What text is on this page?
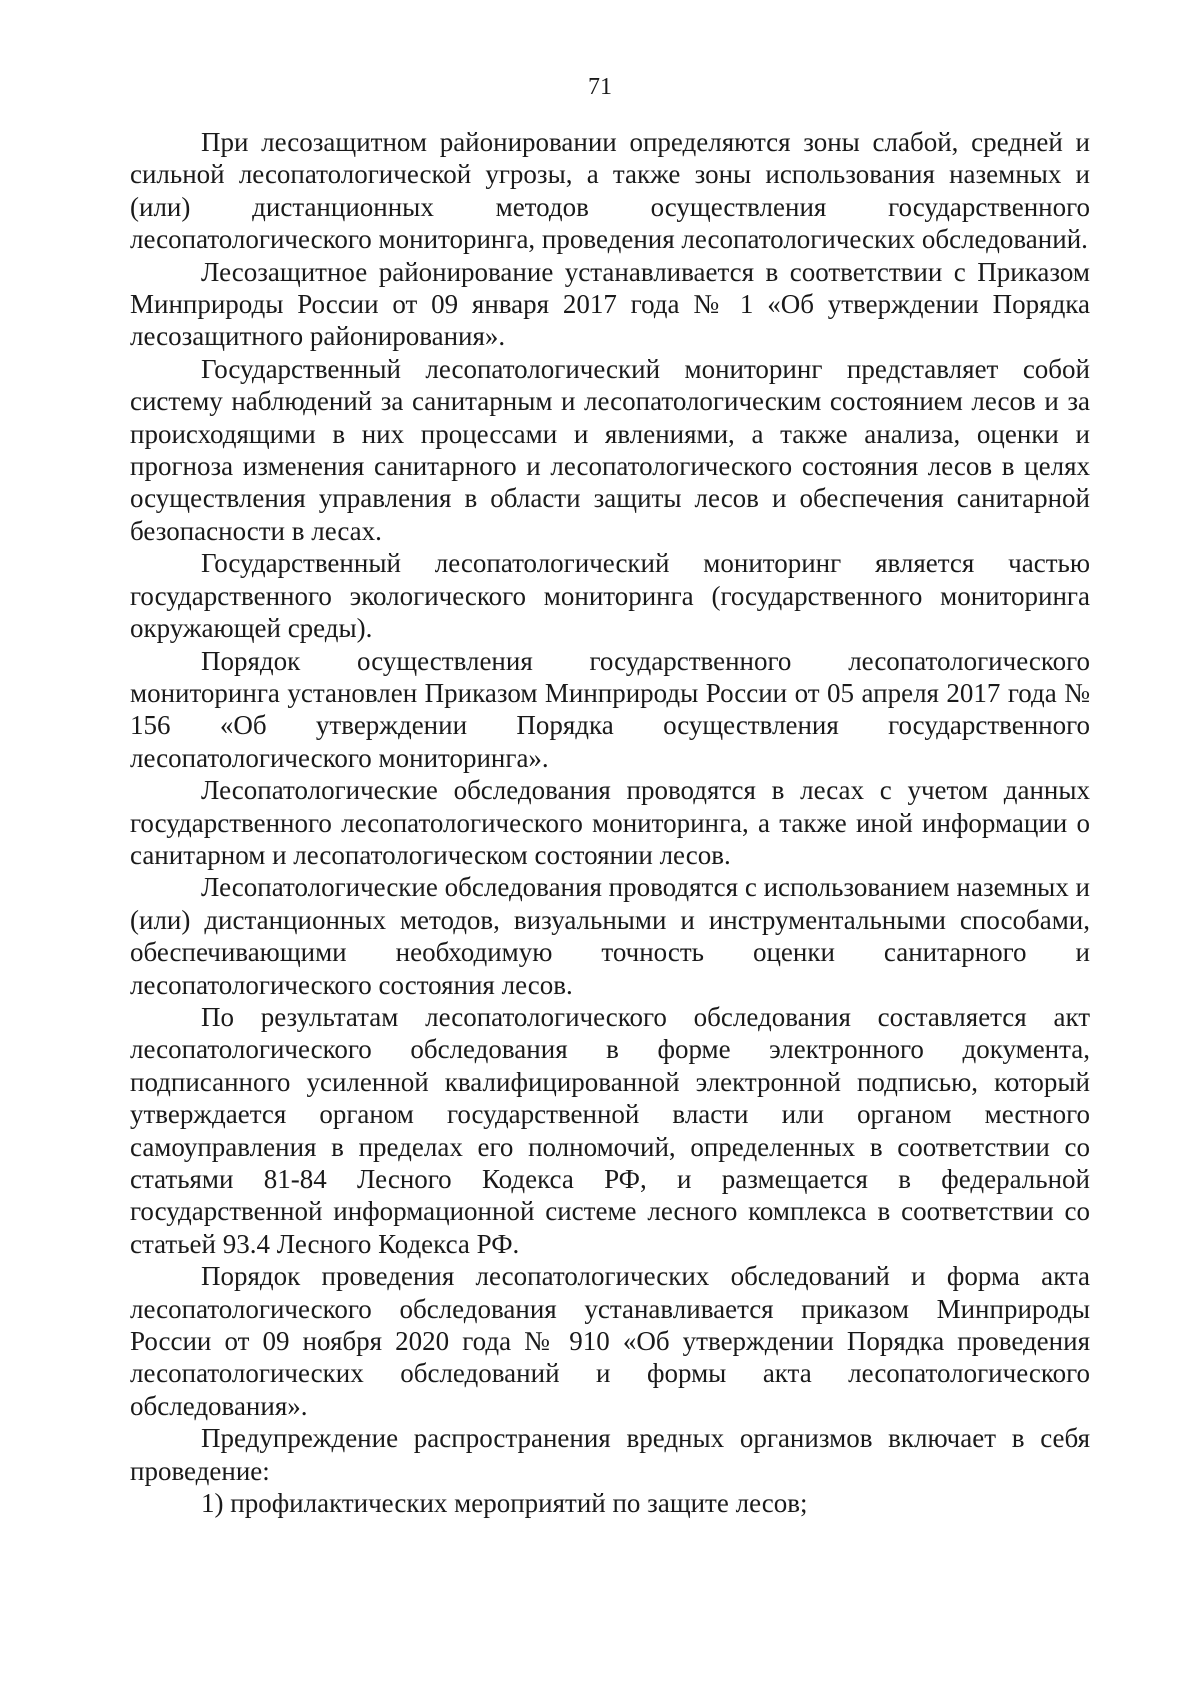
71

При лесозащитном районировании определяются зоны слабой, средней и сильной лесопатологической угрозы, а также зоны использования наземных и (или) дистанционных методов осуществления государственного лесопатологического мониторинга, проведения лесопатологических обследований.

Лесозащитное районирование устанавливается в соответствии с Приказом Минприроды России от 09 января 2017 года № 1 «Об утверждении Порядка лесозащитного районирования».

Государственный лесопатологический мониторинг представляет собой систему наблюдений за санитарным и лесопатологическим состоянием лесов и за происходящими в них процессами и явлениями, а также анализа, оценки и прогноза изменения санитарного и лесопатологического состояния лесов в целях осуществления управления в области защиты лесов и обеспечения санитарной безопасности в лесах.

Государственный лесопатологический мониторинг является частью государственного экологического мониторинга (государственного мониторинга окружающей среды).

Порядок осуществления государственного лесопатологического мониторинга установлен Приказом Минприроды России от 05 апреля 2017 года № 156 «Об утверждении Порядка осуществления государственного лесопатологического мониторинга».

Лесопатологические обследования проводятся в лесах с учетом данных государственного лесопатологического мониторинга, а также иной информации о санитарном и лесопатологическом состоянии лесов.

Лесопатологические обследования проводятся с использованием наземных и (или) дистанционных методов, визуальными и инструментальными способами, обеспечивающими необходимую точность оценки санитарного и лесопатологического состояния лесов.

По результатам лесопатологического обследования составляется акт лесопатологического обследования в форме электронного документа, подписанного усиленной квалифицированной электронной подписью, который утверждается органом государственной власти или органом местного самоуправления в пределах его полномочий, определенных в соответствии со статьями 81-84 Лесного Кодекса РФ, и размещается в федеральной государственной информационной системе лесного комплекса в соответствии со статьей 93.4 Лесного Кодекса РФ.

Порядок проведения лесопатологических обследований и форма акта лесопатологического обследования устанавливается приказом Минприроды России от 09 ноября 2020 года № 910 «Об утверждении Порядка проведения лесопатологических обследований и формы акта лесопатологического обследования».

Предупреждение распространения вредных организмов включает в себя проведение:

1) профилактических мероприятий по защите лесов;
